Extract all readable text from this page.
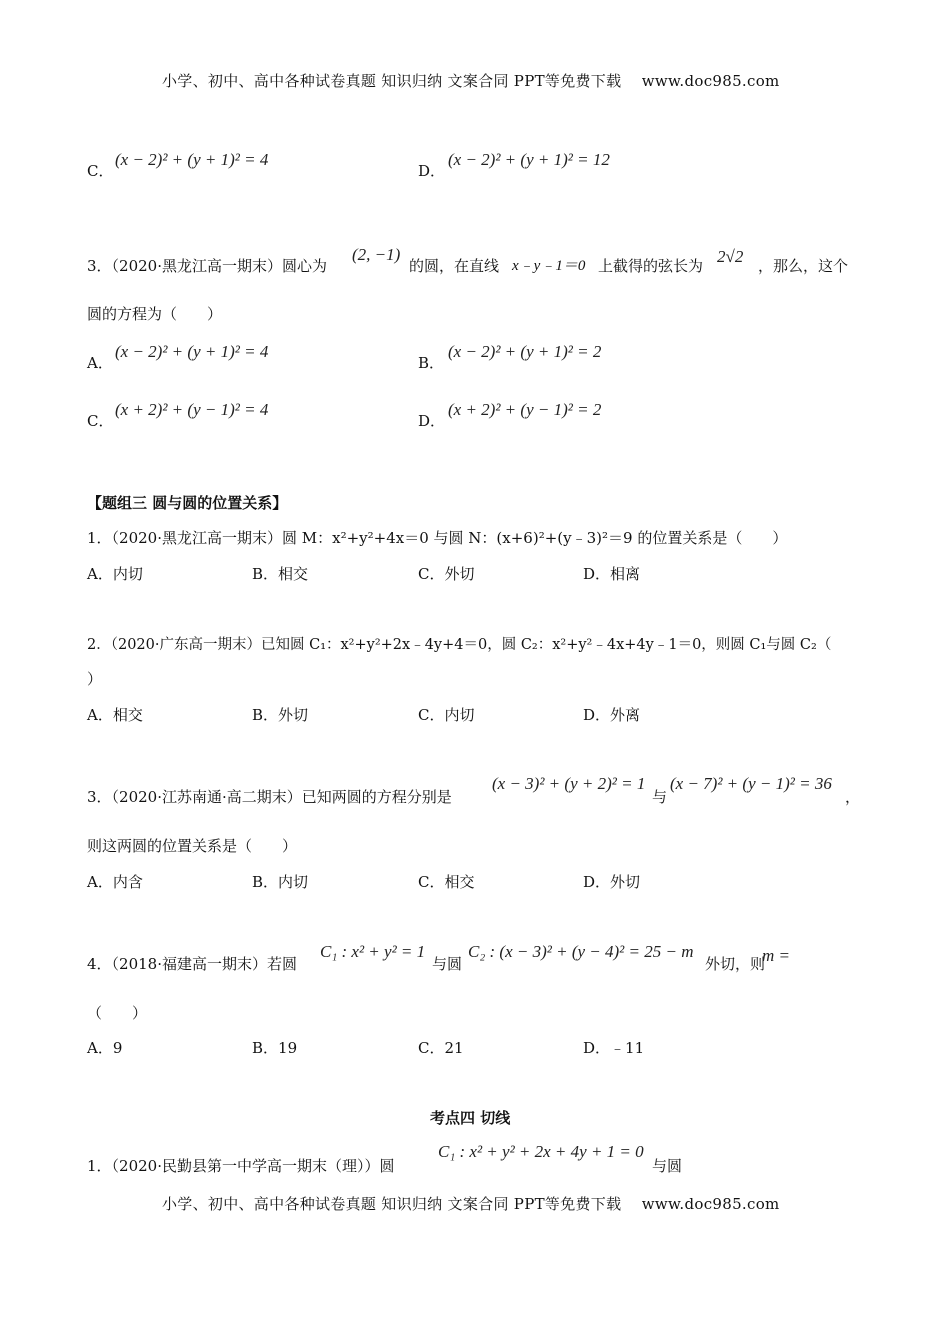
小学、初中、高中各种试卷真题 知识归纳 文案合同 PPT等免费下载 　www.doc985.com
C．
(x − 2)² + (y + 1)² = 4
D．
(x − 2)² + (y + 1)² = 12
3．（2020·黑龙江高一期末）圆心为
(2, −1)
的圆，在直线 x﹣y﹣1＝0 上截得的弦长为 2√2 ，那么，这个
圆的方程为（　　）
A．
(x − 2)² + (y + 1)² = 4
B．
(x − 2)² + (y + 1)² = 2
C．
(x + 2)² + (y − 1)² = 4
D．
(x + 2)² + (y − 1)² = 2
【题组三 圆与圆的位置关系】
1．（2020·黑龙江高一期末）圆 M：x²+y²+4x＝0 与圆 N：(x+6)²+(y﹣3)²＝9 的位置关系是（　　）
A．内切	B．相交	C．外切	D．相离
2．（2020·广东高一期末）已知圆 C₁：x²+y²+2x﹣4y+4＝0，圆 C₂：x²+y²﹣4x+4y﹣1＝0，则圆 C₁与圆 C₂（
）
A．相交	B．外切	C．内切	D．外离
3．（2020·江苏南通·高二期末）已知两圆的方程分别是
(x − 3)² + (y + 2)² = 1
与
(x − 7)² + (y − 1)² = 36
，
则这两圆的位置关系是（　　）
A．内含	B．内切	C．相交	D．外切
4．（2018·福建高一期末）若圆
C₁ : x² + y² = 1
与圆
C₂ : (x − 3)² + (y − 4)² = 25 − m
外切，则
m =
（　　）
A．9	B．19	C．21	D．﹣11
考点四 切线
1．（2020·民勤县第一中学高一期末（理））圆
C₁ : x² + y² + 2x + 4y + 1 = 0
与圆
小学、初中、高中各种试卷真题 知识归纳 文案合同 PPT等免费下载 　www.doc985.com
